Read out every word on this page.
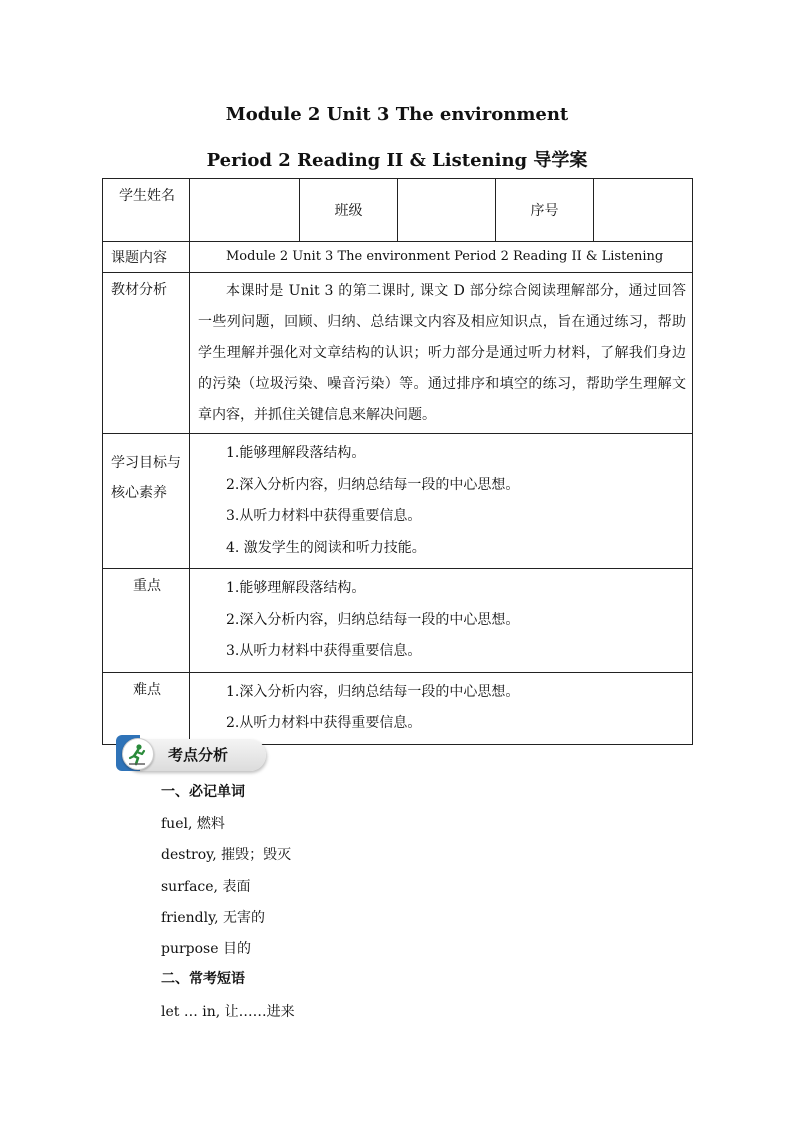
Module 2 Unit 3 The environment
Period 2 Reading II & Listening 导学案
学生姓名		班级		序号	
课题内容	Module 2 Unit 3 The environment Period 2 Reading II & Listening				

教材分析	本课时是 Unit 3 的第二课时, 课文 D 部分综合阅读理解部分，通过回答一些列问题，回顾、归纳、总结课文内容及相应知识点，旨在通过练习，帮助学生理解并强化对文章结构的认识；听力部分是通过听力材料，了解我们身边的污染（垃圾污染、噪音污染）等。通过排序和填空的练习，帮助学生理解文章内容，并抓住关键信息来解决问题。				

学习目标与核心素养	1.能够理解段落结构。
2.深入分析内容，归纳总结每一段的中心思想。
3.从听力材料中获得重要信息。
4. 激发学生的阅读和听力技能。				

重点	1.能够理解段落结构。
2.深入分析内容，归纳总结每一段的中心思想。
3.从听力材料中获得重要信息。				

难点	1.深入分析内容，归纳总结每一段的中心思想。
2.从听力材料中获得重要信息。				
考点分析
一、必记单词
fuel, 燃料
destroy, 摧毁；毁灭
surface, 表面
friendly, 无害的
purpose 目的
二、常考短语
let … in, 让……进来
